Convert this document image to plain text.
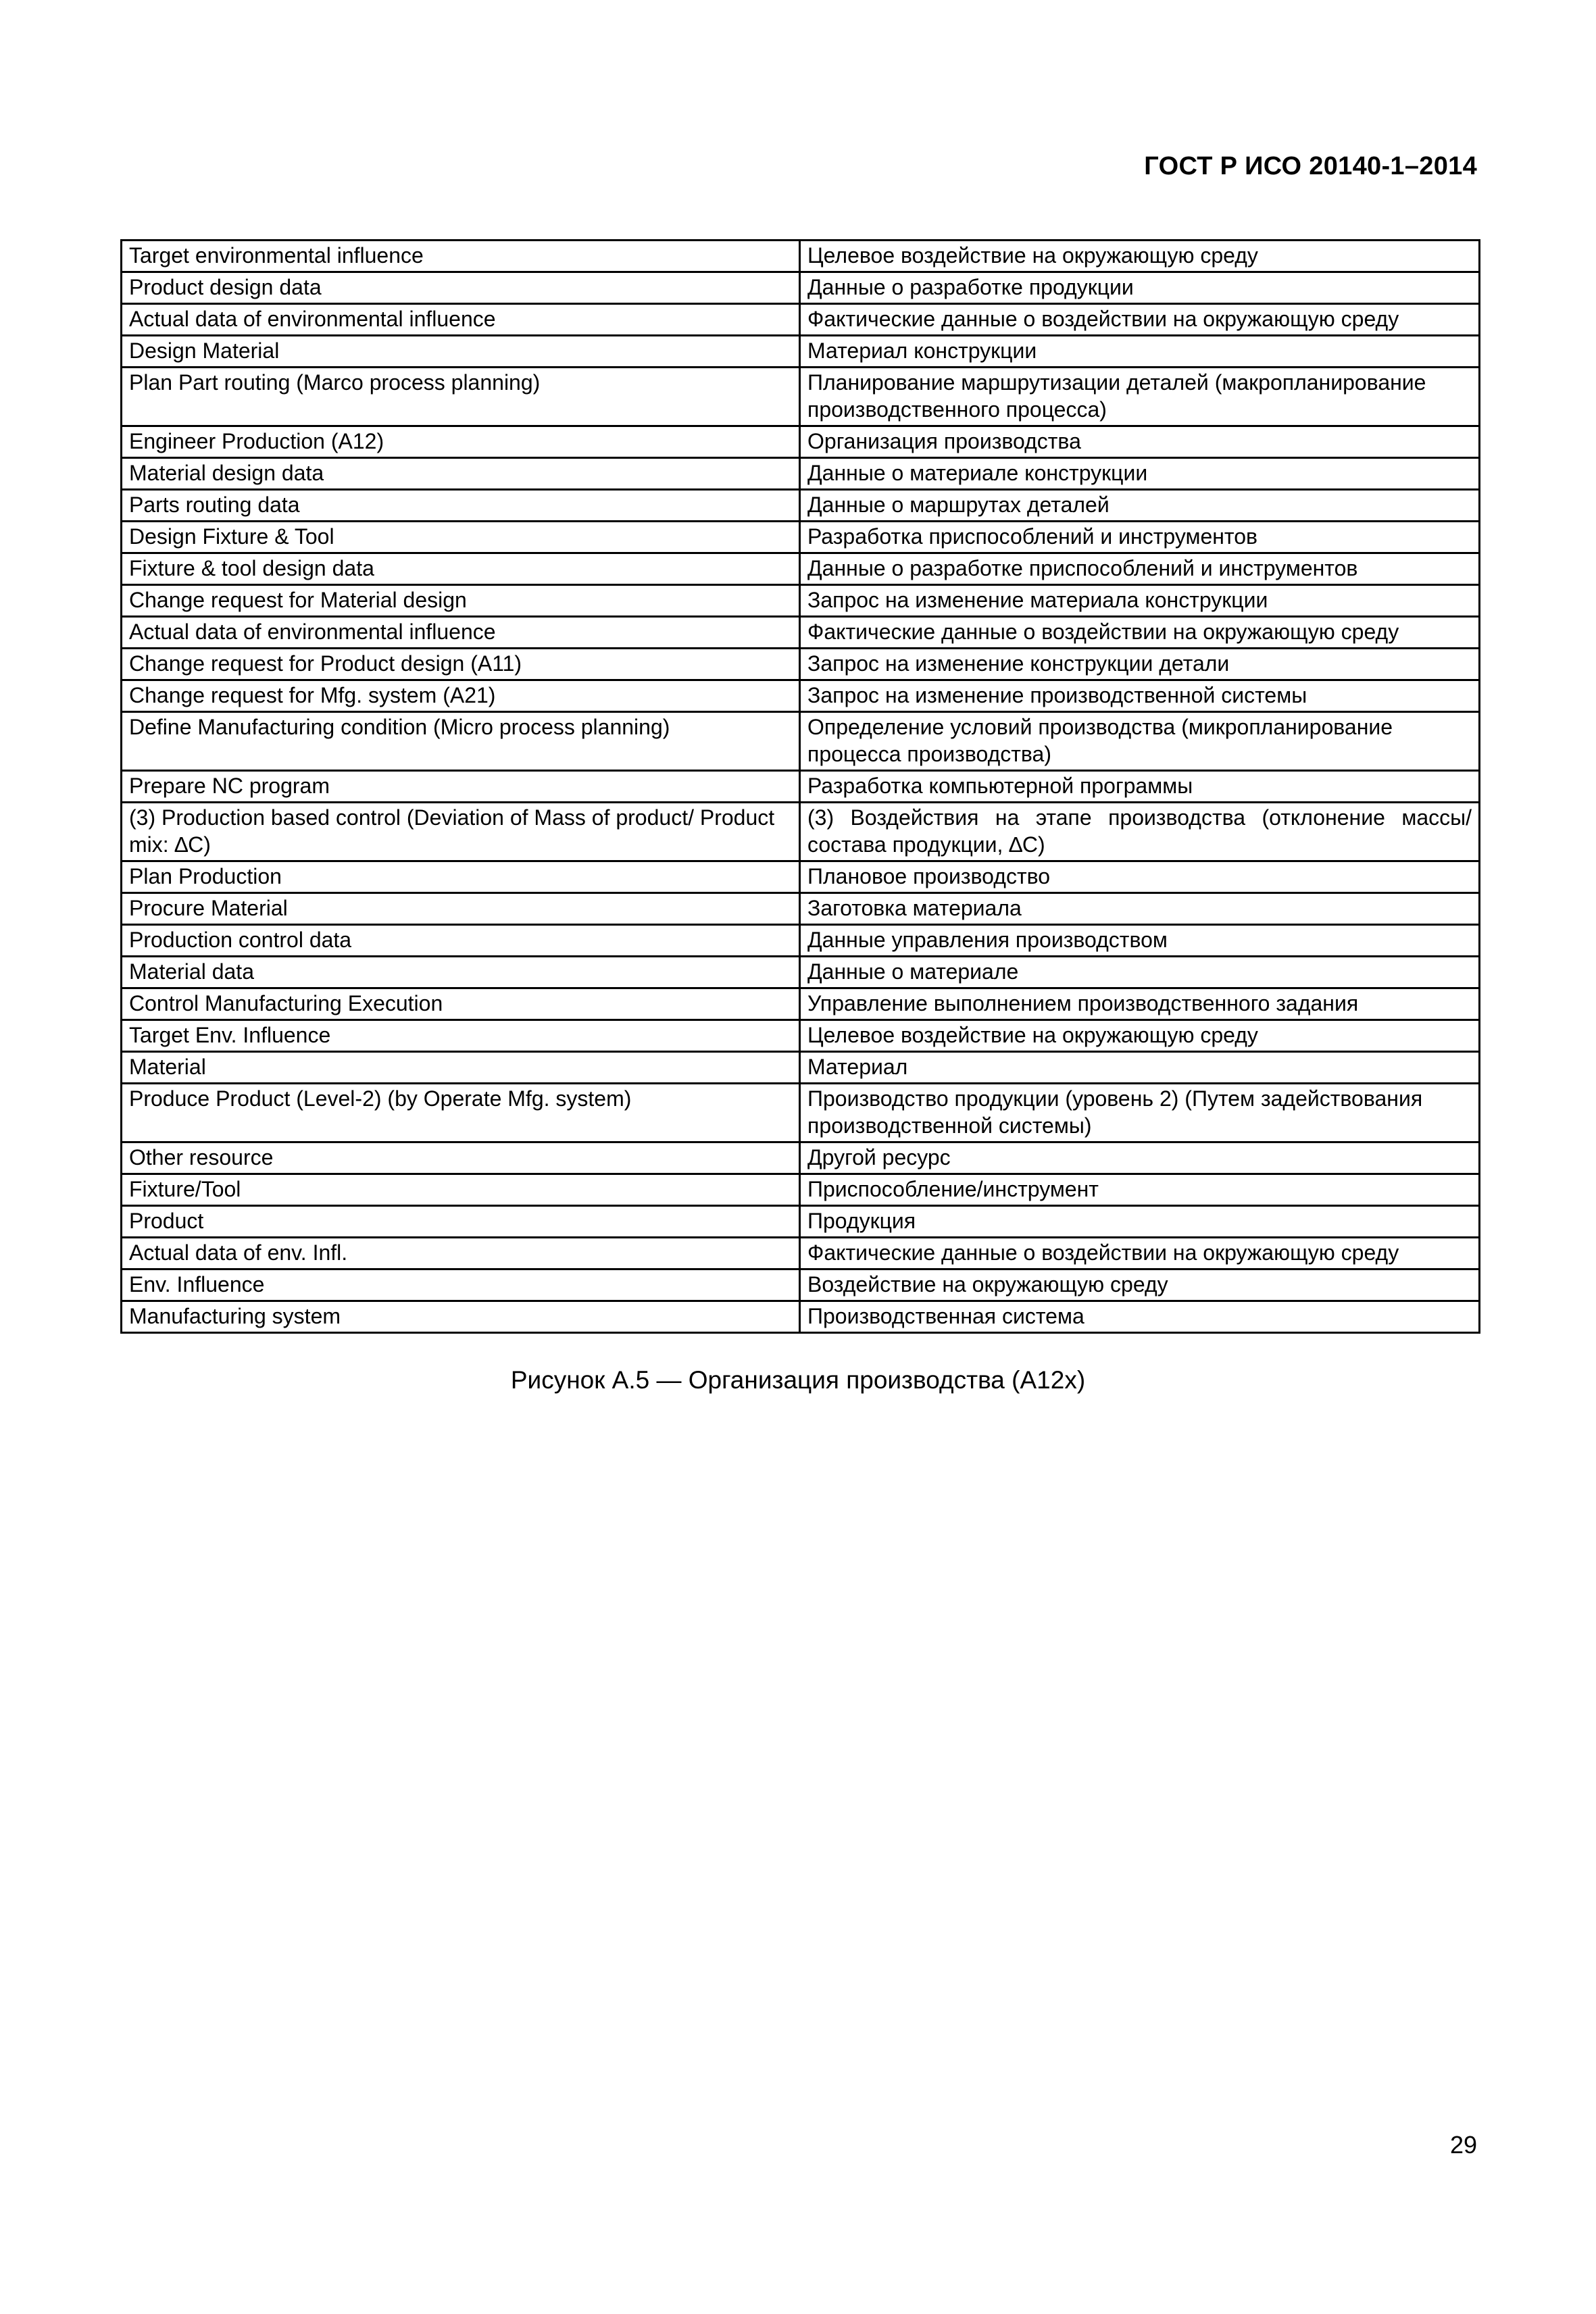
ГОСТ Р ИСО 20140-1–2014
Target environmental influence	Целевое воздействие на окружающую среду
Product design data	Данные о разработке продукции
Actual data of environmental influence	Фактические данные о воздействии на окружающую среду
Design Material	Материал конструкции
Plan Part routing (Marco process planning)	Планирование маршрутизации деталей (макропланирование производственного процесса)
Engineer Production (A12)	Организация производства
Material design data	Данные о материале конструкции
Parts routing data	Данные о маршрутах деталей
Design Fixture & Tool	Разработка приспособлений и инструментов
Fixture & tool design data	Данные о разработке приспособлений и инструментов
Change request for Material design	Запрос на изменение материала конструкции
Actual data of environmental influence	Фактические данные о воздействии на окружающую среду
Change request for Product design (A11)	Запрос на изменение конструкции детали
Change request for Mfg. system (A21)	Запрос на изменение производственной системы
Define Manufacturing condition (Micro process planning)	Определение условий производства (микропланирование процесса производства)
Prepare NC program	Разработка компьютерной программы
(3) Production based control (Deviation of Mass of product/ Product mix: ∆C)	(3) Воздействия на этапе производства (отклонение массы/ состава продукции, ∆C)
Plan Production	Плановое производство
Procure Material	Заготовка материала
Production control data	Данные управления производством
Material data	Данные о материале
Control Manufacturing Execution	Управление выполнением производственного задания
Target Env. Influence	Целевое воздействие на окружающую среду
Material	Материал
Produce Product (Level-2) (by Operate Mfg. system)	Производство продукции (уровень 2) (Путем задействования производственной системы)
Other resource	Другой ресурс
Fixture/Tool	Приспособление/инструмент
Product	Продукция
Actual data of env. Infl.	Фактические данные о воздействии на окружающую среду
Env. Influence	Воздействие на окружающую среду
Manufacturing system	Производственная система
Рисунок А.5 — Организация производства (А12х)
29
